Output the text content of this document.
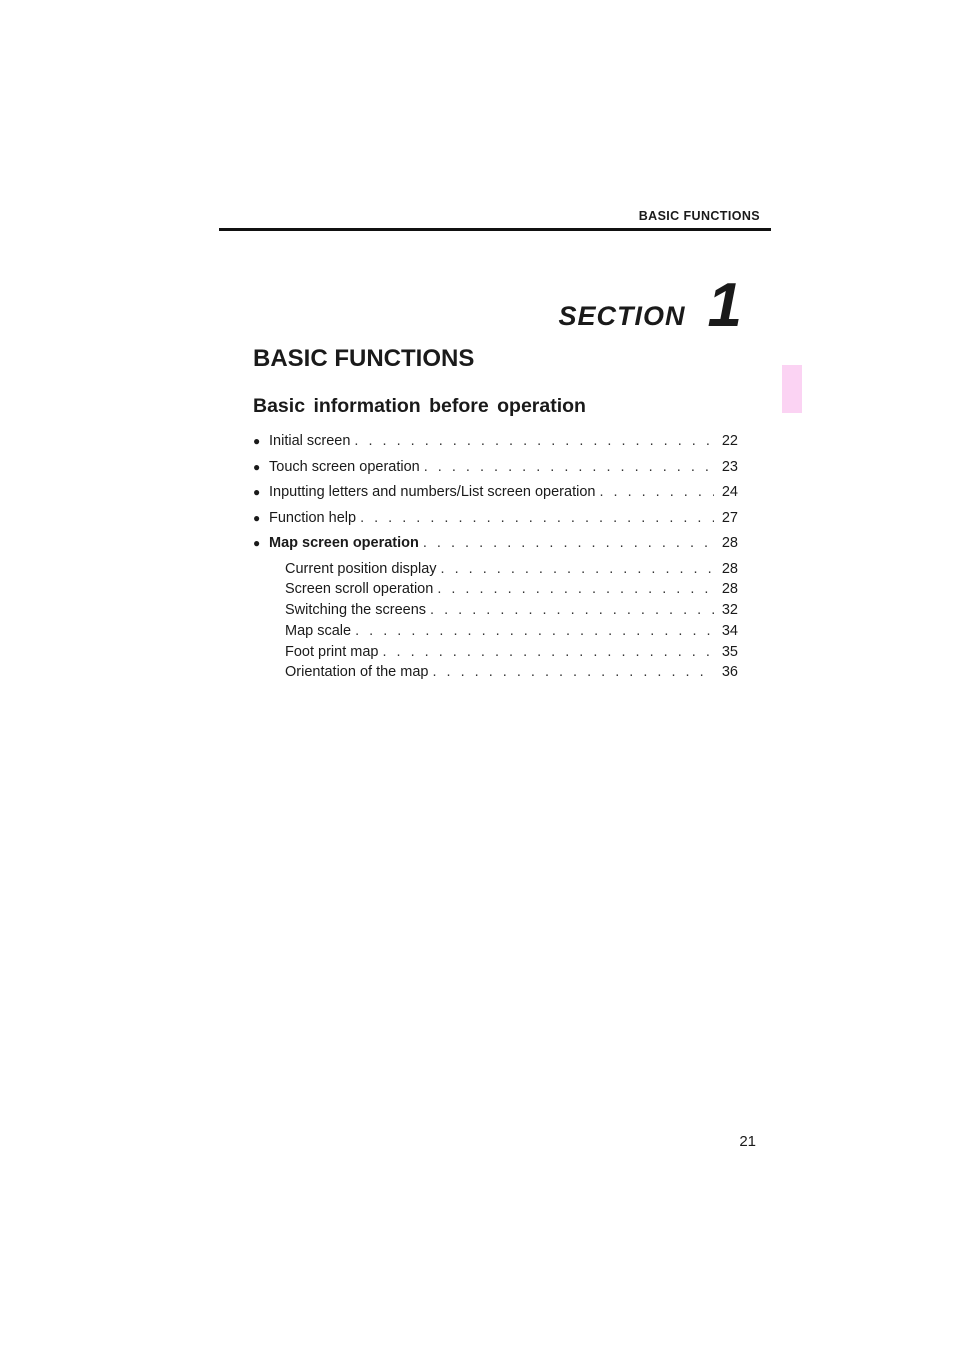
BASIC FUNCTIONS
SECTION 1
BASIC FUNCTIONS
Basic information before operation
● Initial screen . . .	22
● Touch screen operation . . .	23
● Inputting letters and numbers/List screen operation . . .	24
● Function help . . .	27
● Map screen operation . . .	28
Current position display . . .	28
Screen scroll operation . . .	28
Switching the screens . . .	32
Map scale . . .	34
Foot print map . . .	35
Orientation of the map . . .	36
21
